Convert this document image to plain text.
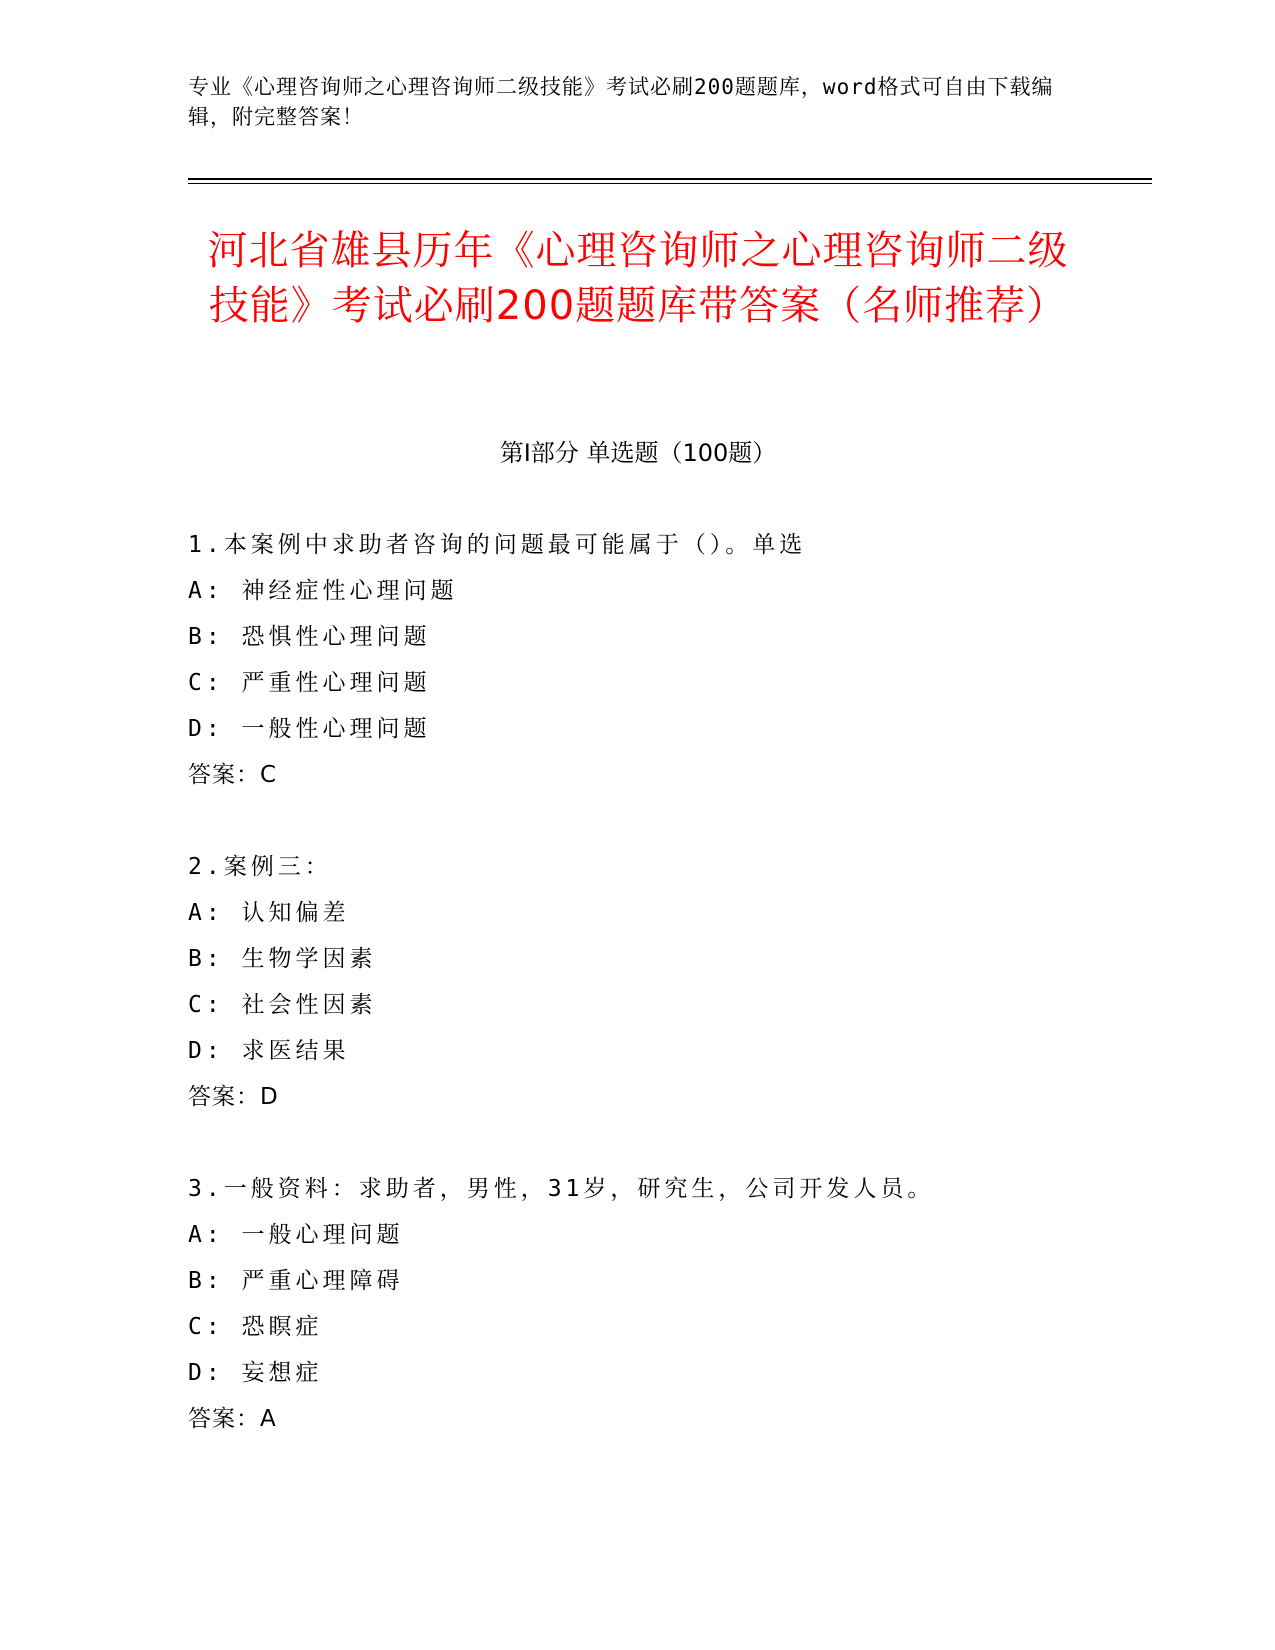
专业《心理咨询师之心理咨询师二级技能》考试必刷200题题库，word格式可自由下载编辑，附完整答案！
河北省雄县历年《心理咨询师之心理咨询师二级技能》考试必刷200题题库带答案（名师推荐）
第I部分 单选题（100题）
1.本案例中求助者咨询的问题最可能属于（）。单选
A: 神经症性心理问题
B: 恐惧性心理问题
C: 严重性心理问题
D: 一般性心理问题
答案：C
2.案例三：
A: 认知偏差
B: 生物学因素
C: 社会性因素
D: 求医结果
答案：D
3.一般资料：求助者，男性，31岁，研究生，公司开发人员。
A: 一般心理问题
B: 严重心理障碍
C: 恐瞑症
D: 妄想症
答案：A
